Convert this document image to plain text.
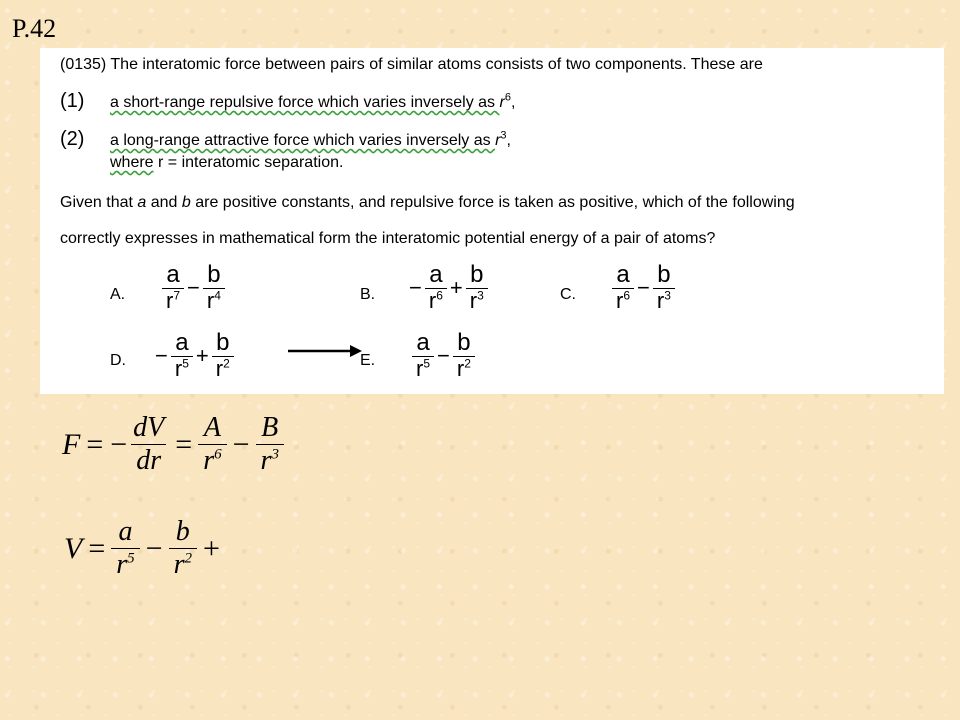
P.42
(0135) The interatomic force between pairs of similar atoms consists of two components. These are
(1) a short-range repulsive force which varies inversely as $r^6$,
(2) a long-range attractive force which varies inversely as $r^3$,
where r = interatomic separation.
Given that a and b are positive constants, and repulsive force is taken as positive, which of the following
correctly expresses in mathematical form the interatomic potential energy of a pair of atoms?
A. $\frac{a}{r^7} - \frac{b}{r^4}$	B. − $\frac{a}{r^6} + \frac{b}{r^3}$	C. $\frac{a}{r^6} - \frac{b}{r^3}$
D. − $\frac{a}{r^5} + \frac{b}{r^2}$	E. $\frac{a}{r^5} - \frac{b}{r^2}$
F = − $\frac{dV}{dr} = \frac{A}{r^6} - \frac{B}{r^3}$
$V = \frac{a}{r^5} - \frac{b}{r^2}$ +
